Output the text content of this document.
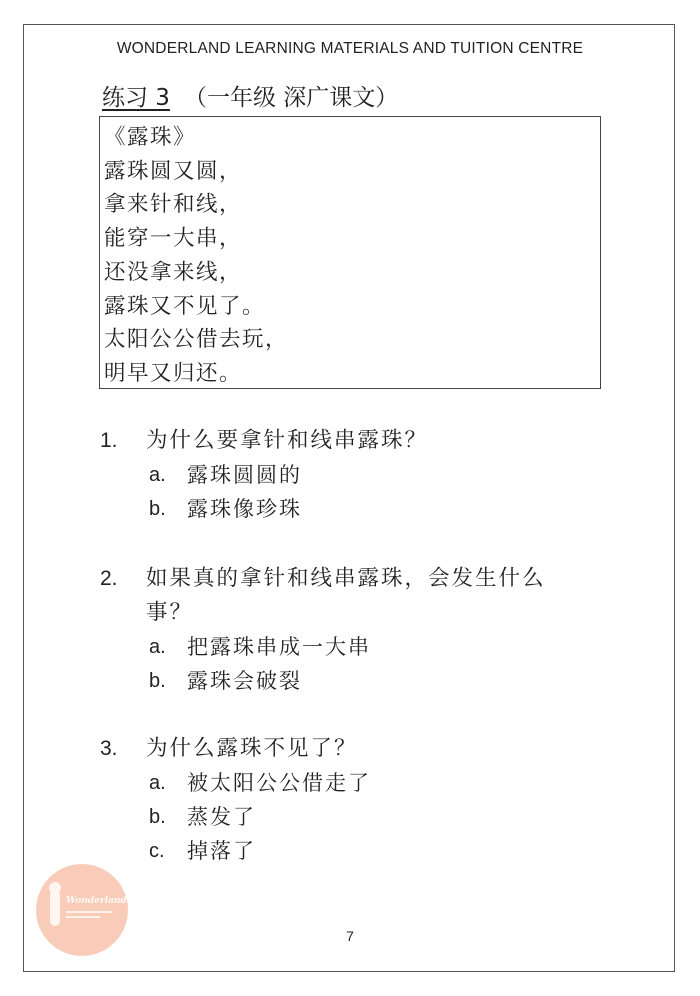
WONDERLAND LEARNING MATERIALS AND TUITION CENTRE
练习 3 （一年级 深广课文）
《露珠》
露珠圆又圆，
拿来针和线，
能穿一大串，
还没拿来线，
露珠又不见了。
太阳公公借去玩，
明早又归还。
1.	为什么要拿针和线串露珠？
a.	露珠圆圆的
b.	露珠像珍珠
2.	如果真的拿针和线串露珠，会发生什么
事？
a.	把露珠串成一大串
b.	露珠会破裂
3.	为什么露珠不见了？
a.	被太阳公公借走了
b.	蒸发了
c.	掉落了
Wonderland
7
